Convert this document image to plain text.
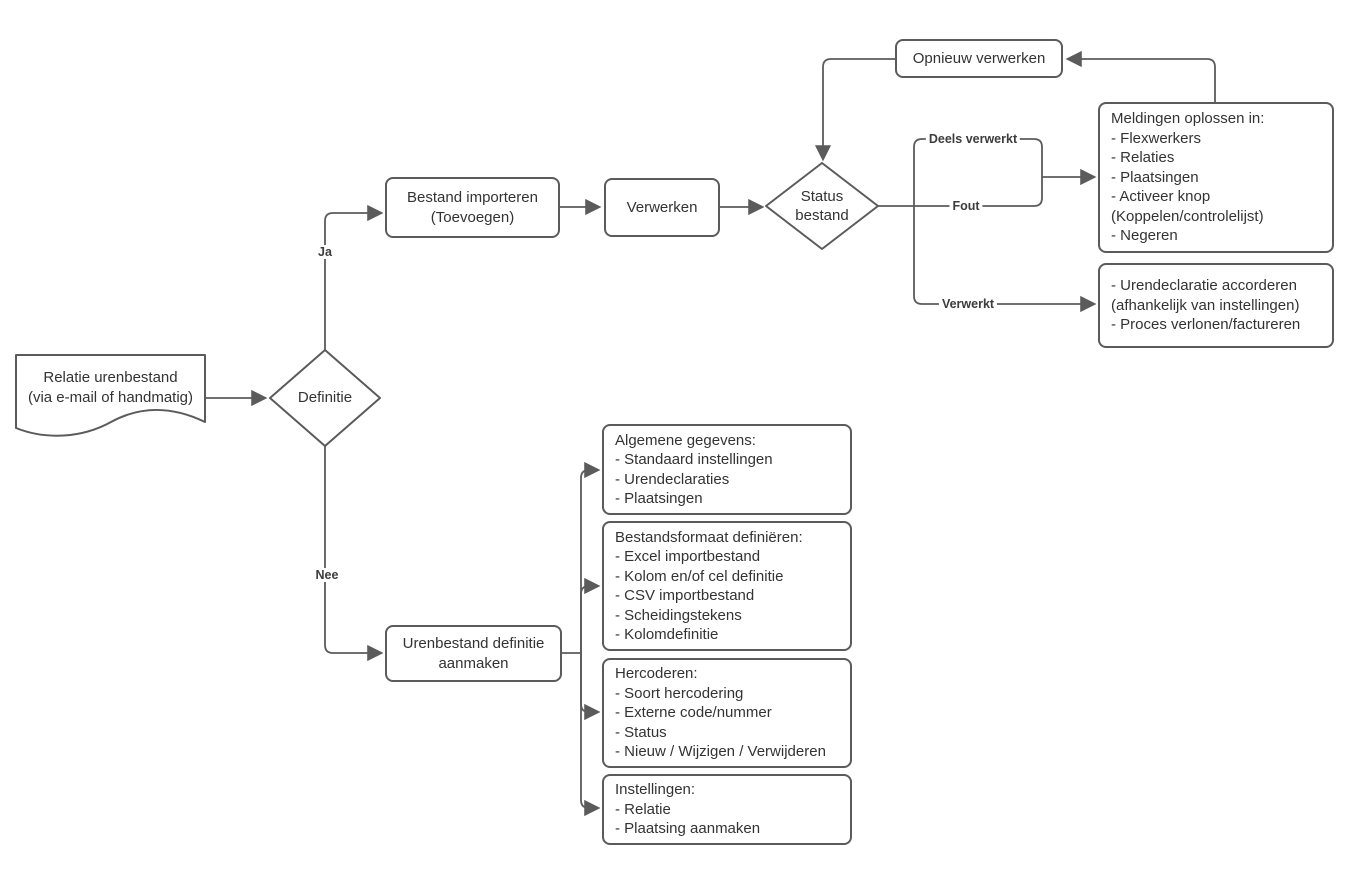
Relatie urenbestand
(via e-mail of handmatig)	Definitie
Status
bestand
Bestand importeren
(Toevoegen)
Verwerken
Opnieuw verwerken
Meldingen oplossen in:
- Flexwerkers
- Relaties
- Plaatsingen
- Activeer knop
(Koppelen/controlelijst)
- Negeren
- Urendeclaratie accorderen
(afhankelijk van instellingen)
- Proces verlonen/factureren
Urenbestand definitie
aanmaken
Algemene gegevens:
- Standaard instellingen
- Urendeclaraties
- Plaatsingen
Bestandsformaat definiëren:
- Excel importbestand
- Kolom en/of cel definitie
- CSV importbestand
- Scheidingstekens
- Kolomdefinitie
Hercoderen:
- Soort hercodering
- Externe code/nummer
- Status
- Nieuw / Wijzigen / Verwijderen
Instellingen:
- Relatie
- Plaatsing aanmaken
Ja
Nee
Deels verwerkt
Fout
Verwerkt
